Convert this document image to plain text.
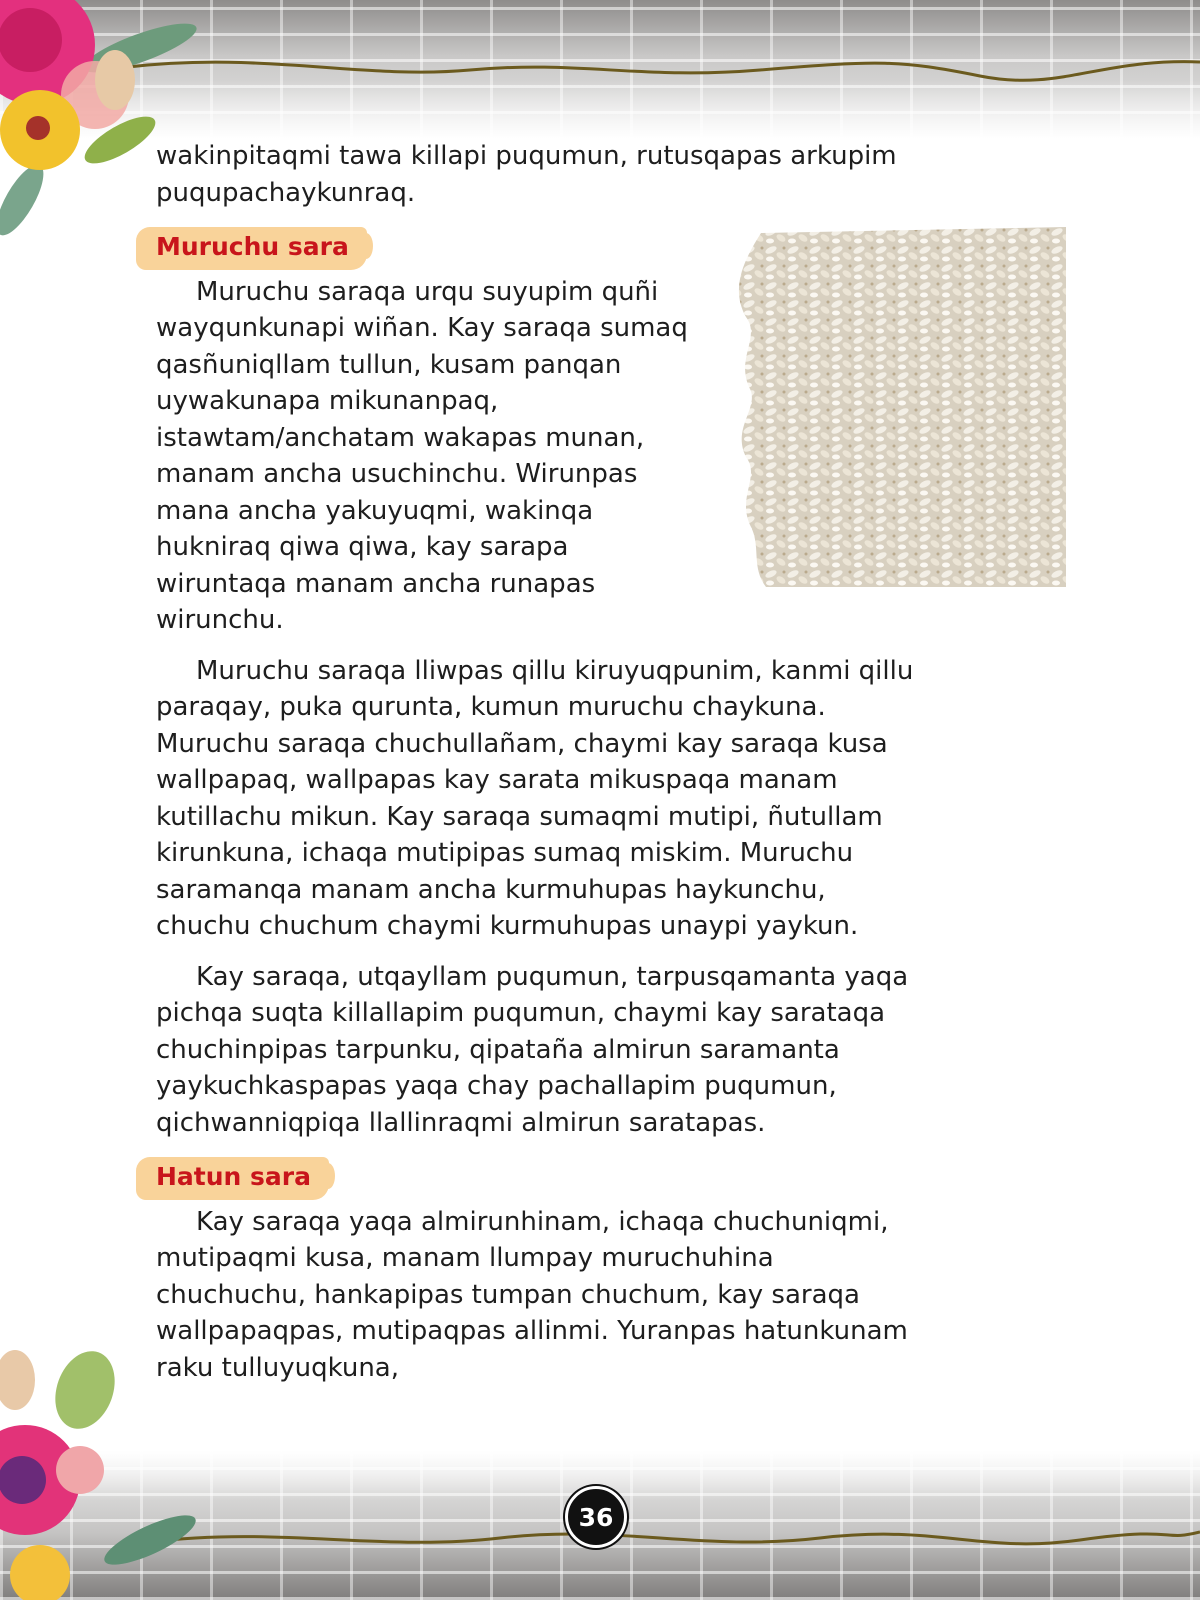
wakinpitaqmi tawa killapi puqumun, rutusqapas arkupim puqupachaykunraq.

Muruchu sara

Muruchu saraqa urqu suyupim quñi wayqunkunapi wiñan. Kay saraqa sumaq qasñuniqllam tullun, kusam panqan uywakunapa mikunanpaq, istawtam/anchatam wakapas munan, manam ancha usuchinchu. Wirunpas mana ancha yakuyuqmi, wakinqa hukniraq qiwa qiwa, kay sarapa wiruntaqa manam ancha runapas wirunchu.

Muruchu saraqa lliwpas qillu kiruyuqpunim, kanmi qillu paraqay, puka qurunta, kumun muruchu chaykuna. Muruchu saraqa chuchullañam, chaymi kay saraqa kusa wallpapaq, wallpapas kay sarata mikuspaqa manam kutillachu mikun. Kay saraqa sumaqmi mutipi, ñutullam kirunkuna, ichaqa mutipipas sumaq miskim. Muruchu saramanqa manam ancha kurmuhupas haykunchu, chuchu chuchum chaymi kurmuhupas unaypi yaykun.

Kay saraqa, utqayllam puqumun, tarpusqamanta yaqa pichqa suqta killallapim puqumun, chaymi kay sarataqa chuchinpipas tarpunku, qipataña almirun saramanta yaykuchkaspapas yaqa chay pachallapim puqumun, qichwanniqpiqa llallinraqmi almirun saratapas.

Hatun sara

Kay saraqa yaqa almirunhinam, ichaqa chuchuniqmi, mutipaqmi kusa, manam llumpay muruchuhina chuchuchu, hankapipas tumpan chuchum, kay saraqa wallpapaqpas, mutipaqpas allinmi. Yuranpas hatunkunam raku tulluyuqkuna,

36
